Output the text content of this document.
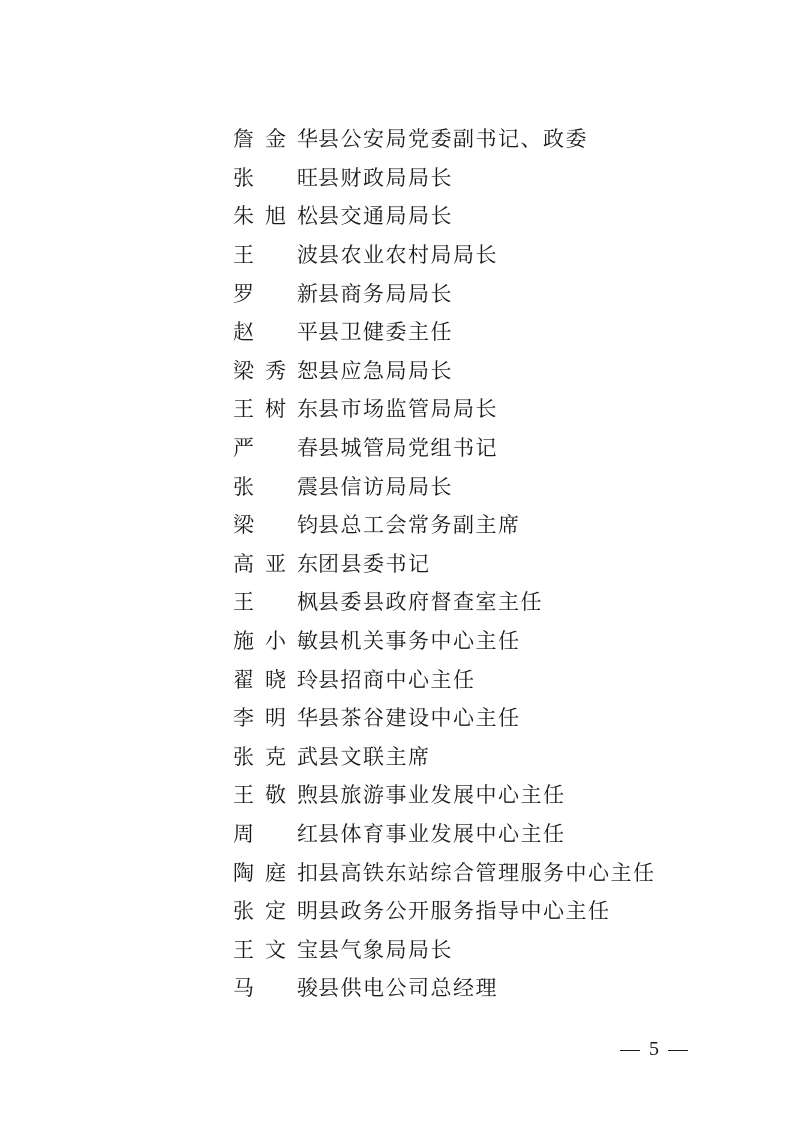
詹金华 县公安局党委副书记、政委
张 旺 县财政局局长
朱旭松 县交通局局长
王 波 县农业农村局局长
罗 新 县商务局局长
赵 平 县卫健委主任
梁秀恕 县应急局局长
王树东 县市场监管局局长
严 春 县城管局党组书记
张 震 县信访局局长
梁 钧 县总工会常务副主席
高亚东 团县委书记
王 枫 县委县政府督查室主任
施小敏 县机关事务中心主任
翟晓玲 县招商中心主任
李明华 县茶谷建设中心主任
张克武 县文联主席
王敬煦 县旅游事业发展中心主任
周 红 县体育事业发展中心主任
陶庭扣 县高铁东站综合管理服务中心主任
张定明 县政务公开服务指导中心主任
王文宝 县气象局局长
马 骏 县供电公司总经理
5
